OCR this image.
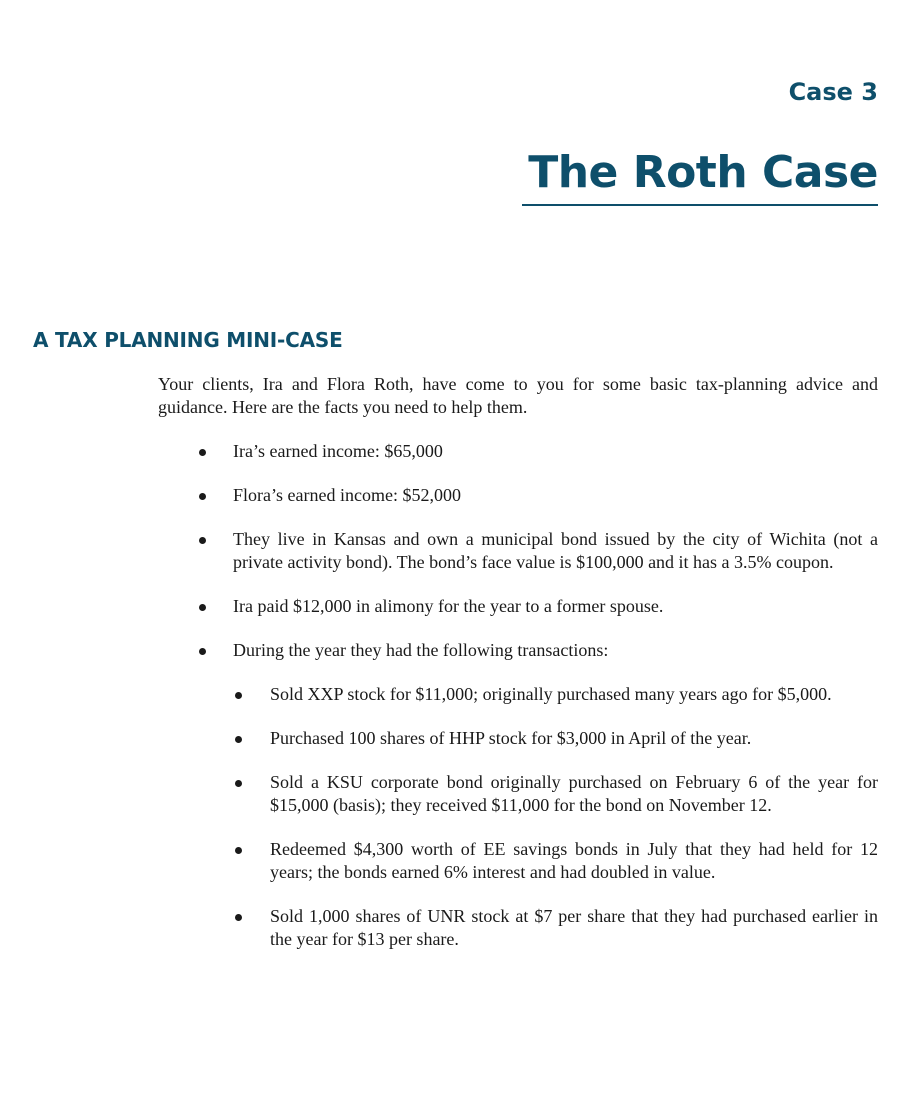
Case 3
The Roth Case
A TAX PLANNING MINI-CASE

Your clients, Ira and Flora Roth, have come to you for some basic tax-planning advice and guidance. Here are the facts you need to help them.

Ira’s earned income: $65,000
Flora’s earned income: $52,000
They live in Kansas and own a municipal bond issued by the city of Wichita (not a private activity bond). The bond’s face value is $100,000 and it has a 3.5% coupon.
Ira paid $12,000 in alimony for the year to a former spouse.
During the year they had the following transactions:
Sold XXP stock for $11,000; originally purchased many years ago for $5,000.
Purchased 100 shares of HHP stock for $3,000 in April of the year.
Sold a KSU corporate bond originally purchased on February 6 of the year for $15,000 (basis); they received $11,000 for the bond on November 12.
Redeemed $4,300 worth of EE savings bonds in July that they had held for 12 years; the bonds earned 6% interest and had doubled in value.
Sold 1,000 shares of UNR stock at $7 per share that they had purchased earlier in the year for $13 per share.
